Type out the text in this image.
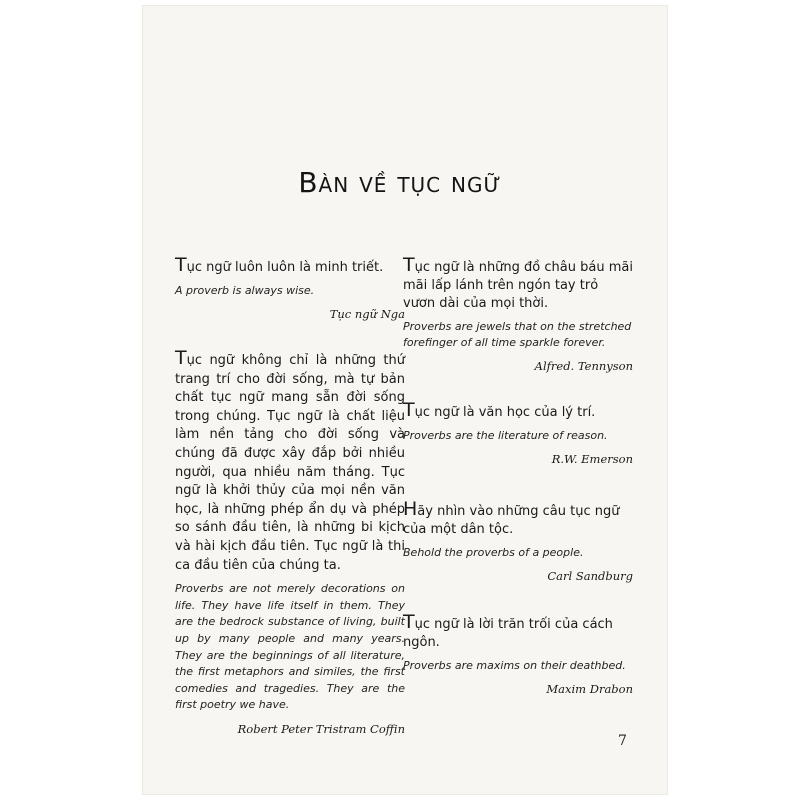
Bàn về tục ngữ

Tục ngữ luôn luôn là minh triết.

A proverb is always wise.

Tục ngữ Nga

Tục ngữ không chỉ là những thứ trang trí cho đời sống, mà tự bản chất tục ngữ mang sẵn đời sống trong chúng. Tục ngữ là chất liệu làm nền tảng cho đời sống và chúng đã được xây đắp bởi nhiều người, qua nhiều năm tháng. Tục ngữ là khởi thủy của mọi nền văn học, là những phép ẩn dụ và phép so sánh đầu tiên, là những bi kịch và hài kịch đầu tiên. Tục ngữ là thi ca đầu tiên của chúng ta.

Proverbs are not merely decorations on life. They have life itself in them. They are the bedrock substance of living, built up by many people and many years. They are the beginnings of all literature, the first metaphors and similes, the first comedies and tragedies. They are the first poetry we have.

Robert Peter Tristram Coffin

Tục ngữ là những đồ châu báu mãi mãi lấp lánh trên ngón tay trỏ vươn dài của mọi thời.

Proverbs are jewels that on the stretched forefinger of all time sparkle forever.

Alfred. Tennyson

Tục ngữ là văn học của lý trí.

Proverbs are the literature of reason.

R.W. Emerson

Hãy nhìn vào những câu tục ngữ của một dân tộc.

Behold the proverbs of a people.

Carl Sandburg

Tục ngữ là lời trăn trối của cách ngôn.

Proverbs are maxims on their deathbed.

Maxim Drabon

7
